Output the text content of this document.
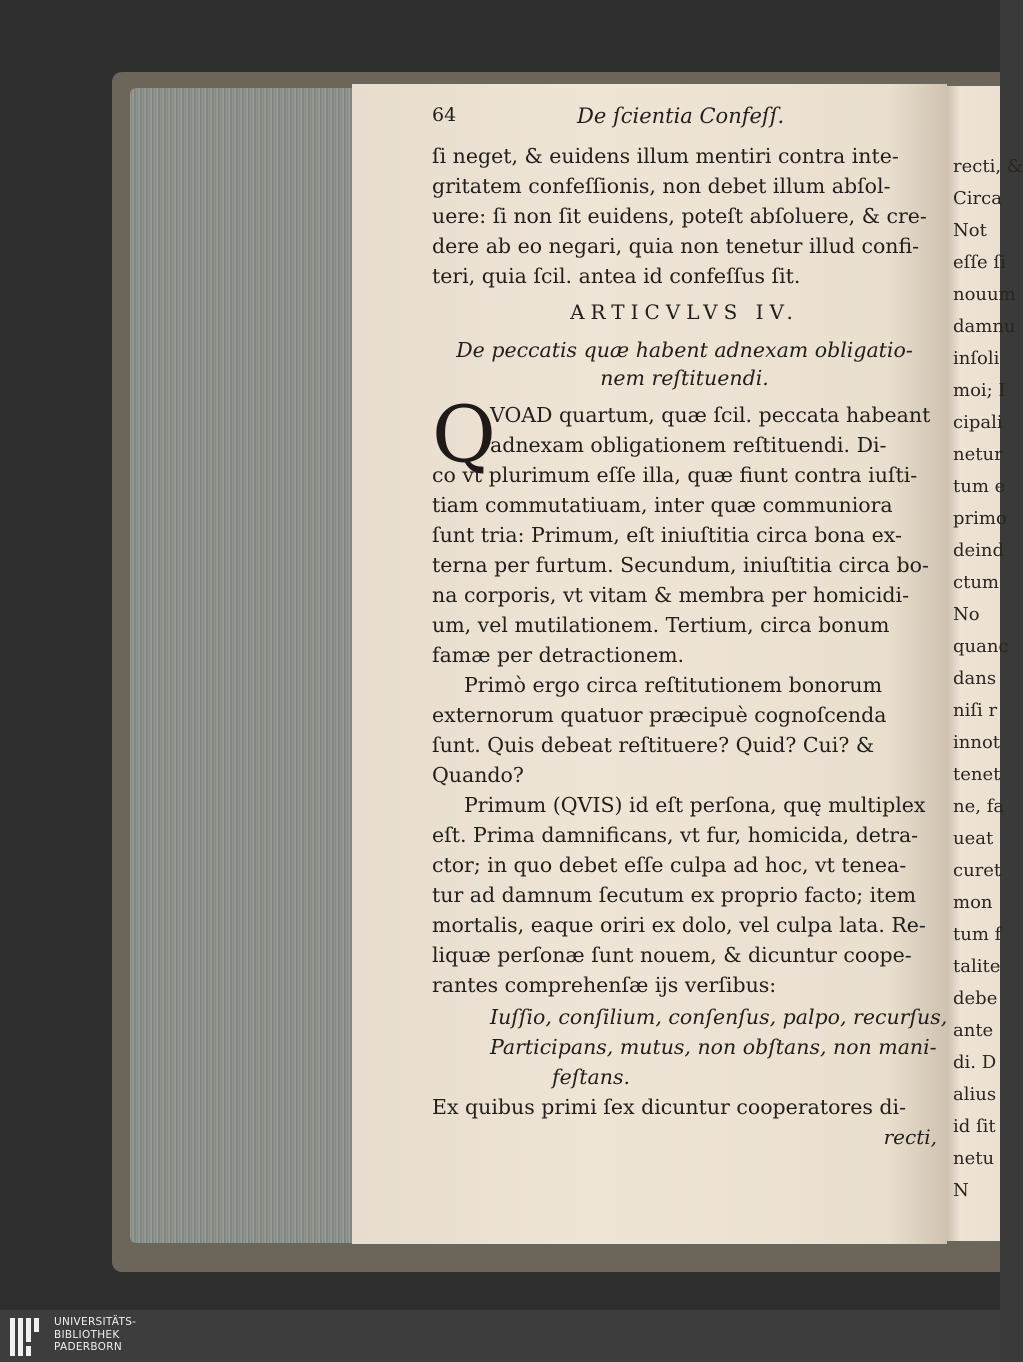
recti, &
Circa
Not
eſſe ſi
nouum
damnu
inſoli
moi; I
cipali
netur
tum e
primo
deind
ctum
No
quanc
dans
niſi r
innot
tenet
ne, fa
ueat
curet
mon
tum f
talite
debe
ante
di. D
alius
id ſit
netu
N
64	De ſcientia Confeſſ.
ſi neget, & euidens illum mentiri contra inte-
gritatem confeſſionis, non debet illum abſol-
uere: ſi non ſit euidens, poteſt abſoluere, & cre-
dere ab eo negari, quia non tenetur illud confi-
teri, quia ſcil. antea id confeſſus ſit.
ARTICVLVS IV.
De peccatis quæ habent adnexam obligatio-
nem reſtituendi.
Q
VOAD quartum, quæ ſcil. peccata habeant
adnexam obligationem reſtituendi. Di-
co vt plurimum eſſe illa, quæ fiunt contra iuſti-
tiam commutatiuam, inter quæ communiora
ſunt tria: Primum, eſt iniuſtitia circa bona ex-
terna per furtum. Secundum, iniuſtitia circa bo-
na corporis, vt vitam & membra per homicidi-
um, vel mutilationem. Tertium, circa bonum
famæ per detractionem.
Primò ergo circa reſtitutionem bonorum
externorum quatuor præcipuè cognoſcenda
ſunt. Quis debeat reſtituere? Quid? Cui? &
Quando?
Primum (QVIS) id eſt perſona, quę multiplex
eſt. Prima damnificans, vt fur, homicida, detra-
ctor; in quo debet eſſe culpa ad hoc, vt tenea-
tur ad damnum ſecutum ex proprio facto; item
mortalis, eaque oriri ex dolo, vel culpa lata. Re-
liquæ perſonæ ſunt nouem, & dicuntur coope-
rantes comprehenſæ ijs verſibus:
Iuſſio, conſilium, conſenſus, palpo, recurſus,
Participans, mutus, non obſtans, non mani-
feſtans.
Ex quibus primi ſex dicuntur cooperatores di-
recti,
UNIVERSITÄTS-
BIBLIOTHEK
PADERBORN
